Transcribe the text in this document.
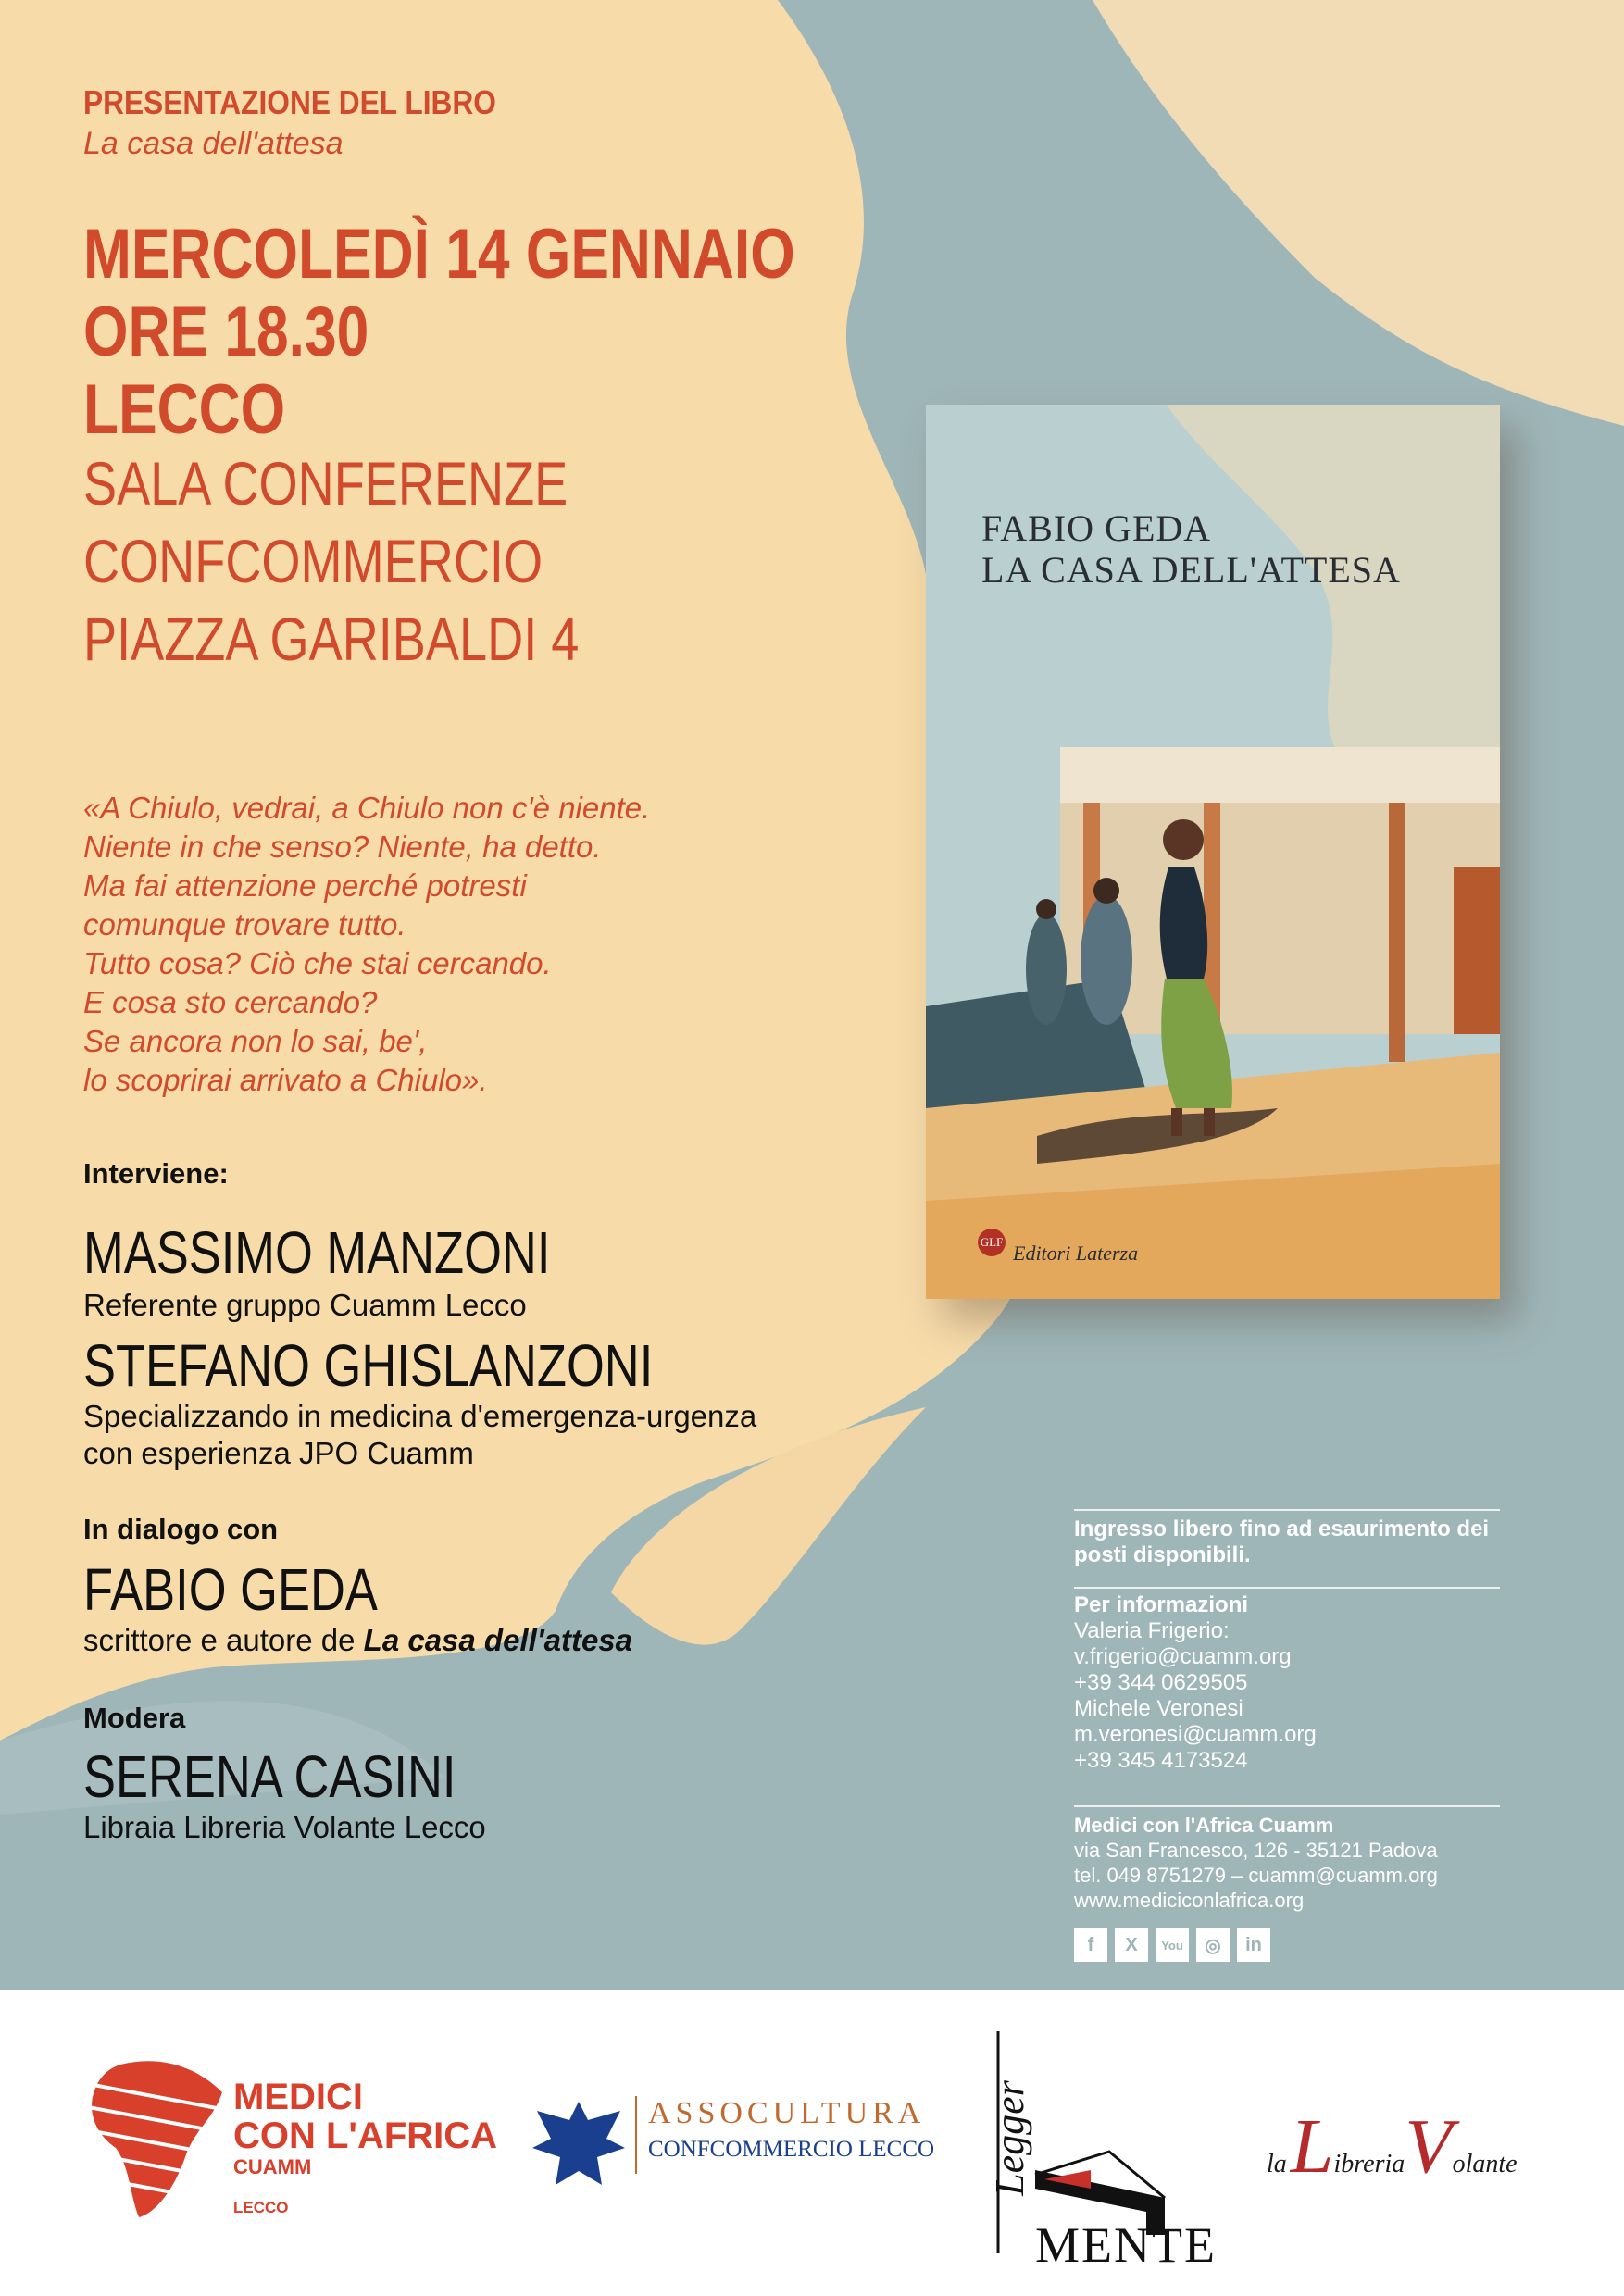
PRESENTAZIONE DEL LIBRO

La casa dell'attesa

MERCOLEDÌ 14 GENNAIO

ORE 18.30

LECCO

SALA CONFERENZE

CONFCOMMERCIO

PIAZZA GARIBALDI 4

«A Chiulo, vedrai, a Chiulo non c'è niente.
Niente in che senso? Niente, ha detto.
Ma fai attenzione perché potresti
comunque trovare tutto.
Tutto cosa? Ciò che stai cercando.
E cosa sto cercando?
Se ancora non lo sai, be',
lo scoprirai arrivato a Chiulo».

Interviene:

MASSIMO MANZONI

Referente gruppo Cuamm Lecco

STEFANO GHISLANZONI

Specializzando in medicina d'emergenza-urgenza

con esperienza JPO Cuamm

In dialogo con

FABIO GEDA

scrittore e autore de La casa dell'attesa

Modera

SERENA CASINI

Libraia Libreria Volante Lecco

Ingresso libero fino ad esaurimento dei posti disponibili.

Per informazioni
Valeria Frigerio:
v.frigerio@cuamm.org
+39 344 0629505
Michele Veronesi
m.veronesi@cuamm.org
+39 345 4173524
Medici con l'Africa Cuamm
via San Francesco, 126 - 35121 Padova
tel. 049 8751279 – cuamm@cuamm.org
www.mediciconlafrica.org
f	X	You	◎	in

FABIO GEDA

LA CASA DELL'ATTESA

GLF Editori Laterza

MEDICI
CON L'AFRICA
CUAMM
LECCO
ASSOCULTURA
CONFCOMMERCIO LECCO Legger
MENTE
la LibreriaVolante
